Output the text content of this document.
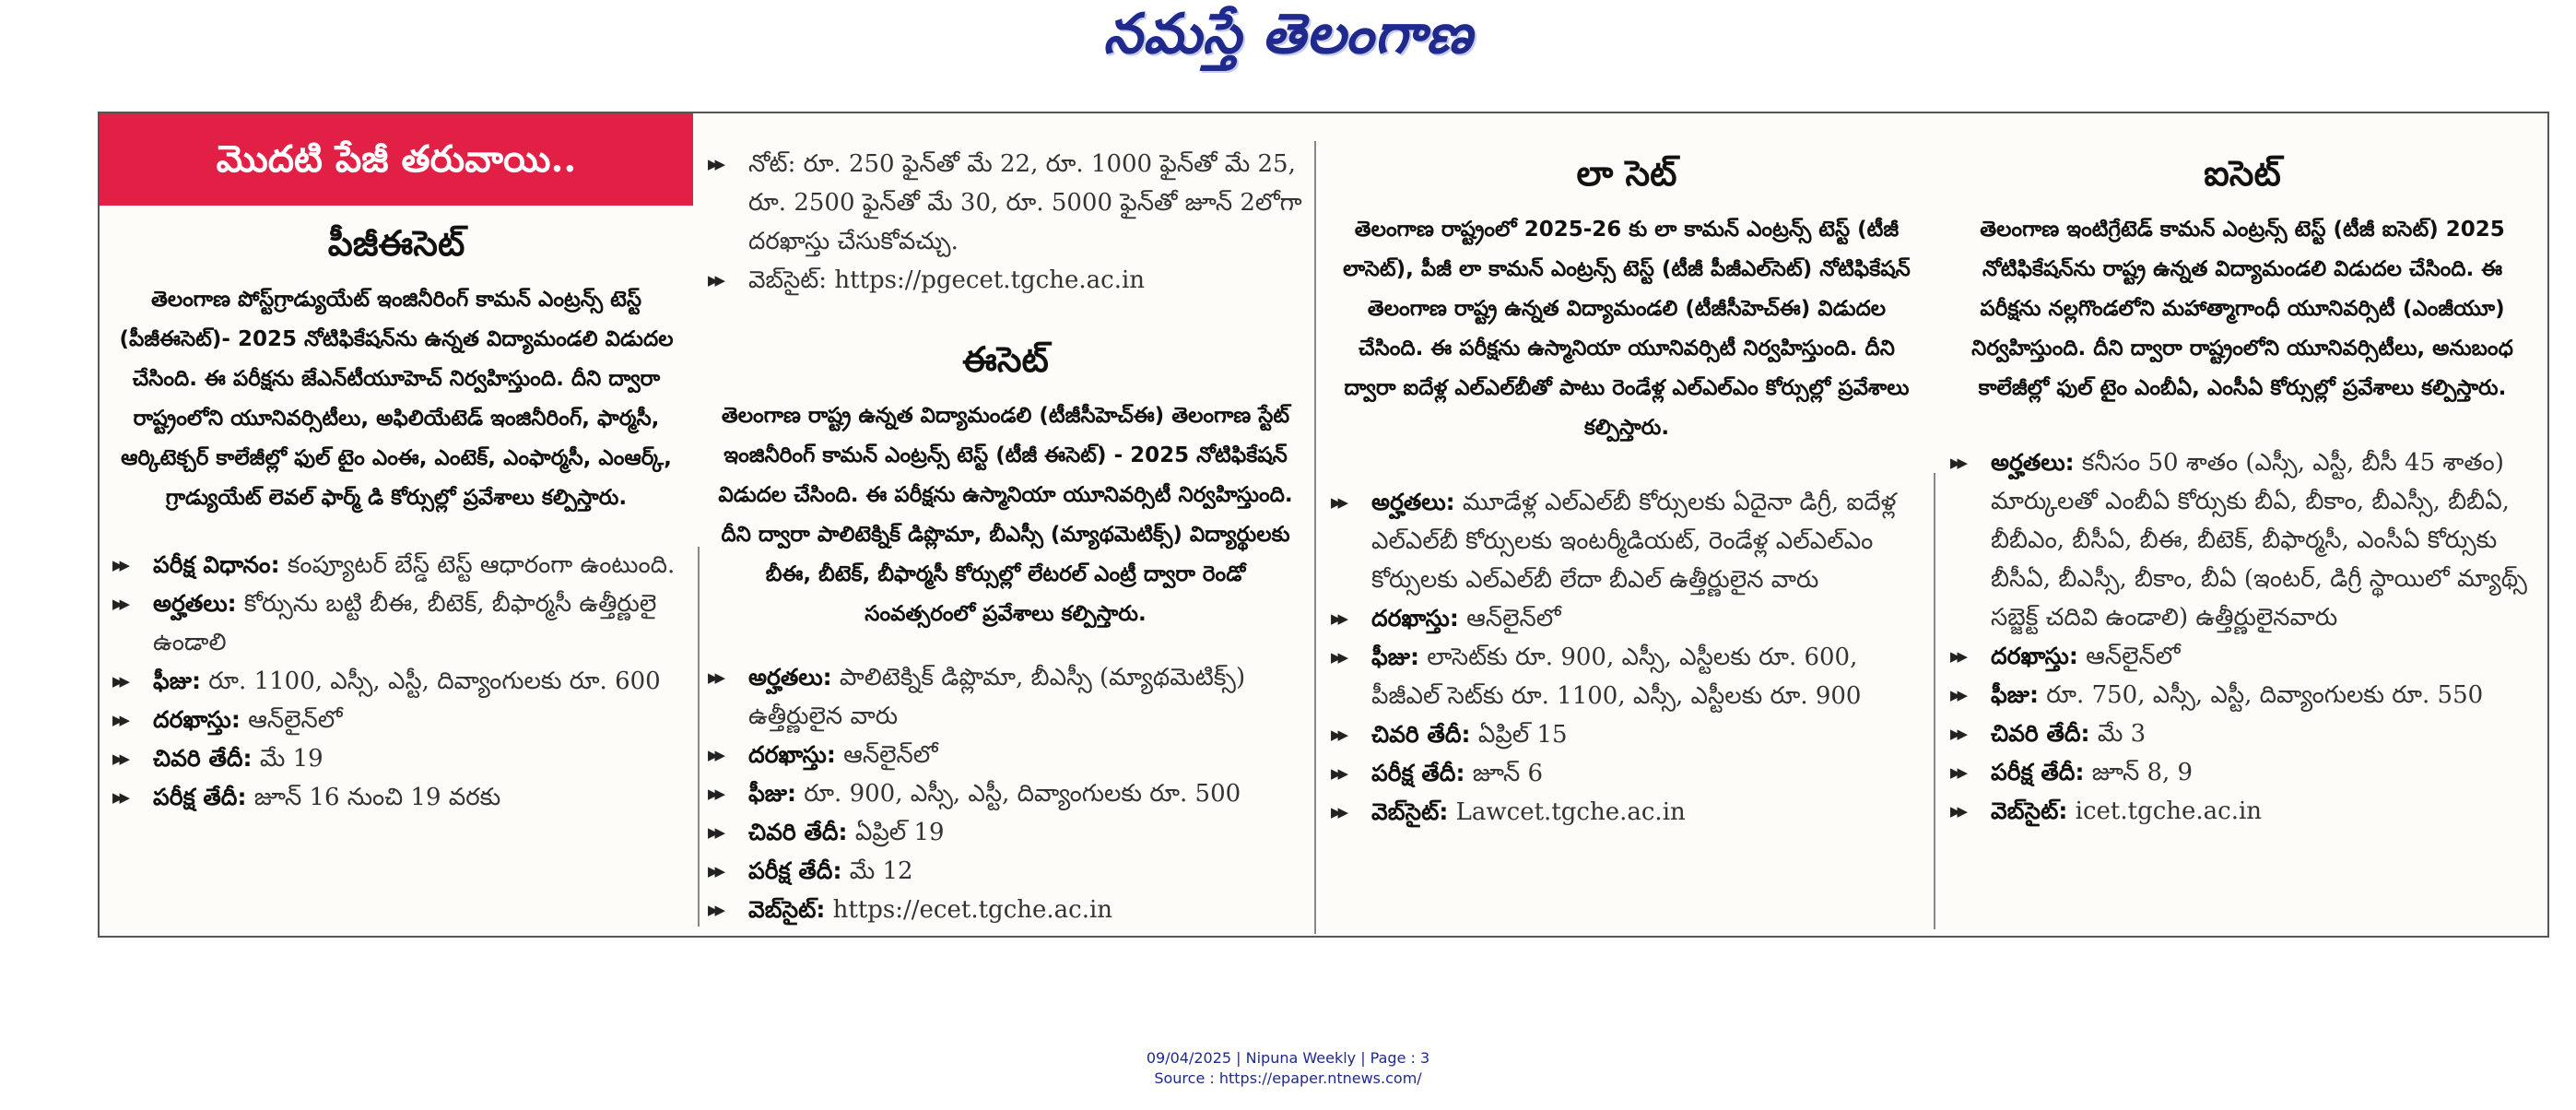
నమస్తే తెలంగాణ
మొదటి పేజీ తరువాయి..
పీజీఈసెట్
తెలంగాణ పోస్ట్‌గ్రాడ్యుయేట్ ఇంజినీరింగ్ కామన్ ఎంట్రన్స్ టెస్ట్ (పీజీఈసెట్)- 2025 నోటిఫికేషన్‌ను ఉన్నత విద్యామండలి విడుదల చేసింది. ఈ పరీక్షను జేఎన్‌టీయూహెచ్ నిర్వహిస్తుంది. దీని ద్వారా రాష్ట్రంలోని యూనివర్సిటీలు, అఫిలియేటెడ్ ఇంజినీరింగ్, ఫార్మసీ, ఆర్కిటెక్చర్ కాలేజీల్లో ఫుల్ టైం ఎంఈ, ఎంటెక్, ఎంఫార్మసీ, ఎంఆర్క్, గ్రాడ్యుయేట్ లెవల్ ఫార్మ్ డి కోర్సుల్లో ప్రవేశాలు కల్పిస్తారు.
▶▶ పరీక్ష విధానం: కంప్యూటర్ బేస్డ్ టెస్ట్ ఆధారంగా ఉంటుంది.
▶▶ అర్హతలు: కోర్సును బట్టి బీఈ, బీటెక్, బీఫార్మసీ ఉత్తీర్ణులై ఉండాలి
▶▶ ఫీజు: రూ. 1100, ఎస్సీ, ఎస్టీ, దివ్యాంగులకు రూ. 600
▶▶ దరఖాస్తు: ఆన్‌లైన్‌లో
▶▶ చివరి తేదీ: మే 19
▶▶ పరీక్ష తేదీ: జూన్ 16 నుంచి 19 వరకు
▶▶ నోట్: రూ. 250 ఫైన్‌తో మే 22, రూ. 1000 ఫైన్‌తో మే 25, రూ. 2500 ఫైన్‌తో మే 30, రూ. 5000 ఫైన్‌తో జూన్ 2లోగా దరఖాస్తు చేసుకోవచ్చు.
▶▶ వెబ్‌సైట్: https://pgecet.tgche.ac.in
ఈసెట్
తెలంగాణ రాష్ట్ర ఉన్నత విద్యామండలి (టీజీసీహెచ్‌ఈ) తెలంగాణ స్టేట్ ఇంజినీరింగ్ కామన్ ఎంట్రన్స్ టెస్ట్ (టీజీ ఈసెట్) - 2025 నోటిఫికేషన్ విడుదల చేసింది. ఈ పరీక్షను ఉస్మానియా యూనివర్సిటీ నిర్వహిస్తుంది. దీని ద్వారా పాలిటెక్నిక్ డిప్లొమా, బీఎస్సీ (మ్యాథమెటిక్స్) విద్యార్థులకు బీఈ, బీటెక్, బీఫార్మసీ కోర్సుల్లో లేటరల్ ఎంట్రీ ద్వారా రెండో సంవత్సరంలో ప్రవేశాలు కల్పిస్తారు.
▶▶ అర్హతలు: పాలిటెక్నిక్ డిప్లొమా, బీఎస్సీ (మ్యాథమెటిక్స్) ఉత్తీర్ణులైన వారు
▶▶ దరఖాస్తు: ఆన్‌లైన్‌లో
▶▶ ఫీజు: రూ. 900, ఎస్సీ, ఎస్టీ, దివ్యాంగులకు రూ. 500
▶▶ చివరి తేదీ: ఏప్రిల్ 19
▶▶ పరీక్ష తేదీ: మే 12
▶▶ వెబ్‌సైట్: https://ecet.tgche.ac.in
లా సెట్
తెలంగాణ రాష్ట్రంలో 2025-26 కు లా కామన్ ఎంట్రన్స్ టెస్ట్ (టీజీ లాసెట్), పీజీ లా కామన్ ఎంట్రన్స్ టెస్ట్ (టీజీ పీజీఎల్‌సెట్) నోటిఫికేషన్ తెలంగాణ రాష్ట్ర ఉన్నత విద్యామండలి (టీజీసీహెచ్‌ఈ) విడుదల చేసింది. ఈ పరీక్షను ఉస్మానియా యూనివర్సిటీ నిర్వహిస్తుంది. దీని ద్వారా ఐదేళ్ల ఎల్‌ఎల్‌బీతో పాటు రెండేళ్ల ఎల్‌ఎల్‌ఎం కోర్సుల్లో ప్రవేశాలు కల్పిస్తారు.
▶▶ అర్హతలు: మూడేళ్ల ఎల్‌ఎల్‌బీ కోర్సులకు ఏదైనా డిగ్రీ, ఐదేళ్ల ఎల్‌ఎల్‌బీ కోర్సులకు ఇంటర్మీడియట్, రెండేళ్ల ఎల్‌ఎల్‌ఎం కోర్సులకు ఎల్‌ఎల్‌బీ లేదా బీఎల్ ఉత్తీర్ణులైన వారు
▶▶ దరఖాస్తు: ఆన్‌లైన్‌లో
▶▶ ఫీజు: లాసెట్‌కు రూ. 900, ఎస్సీ, ఎస్టీలకు రూ. 600, పీజీఎల్ సెట్‌కు రూ. 1100, ఎస్సీ, ఎస్టీలకు రూ. 900
▶▶ చివరి తేదీ: ఏప్రిల్ 15
▶▶ పరీక్ష తేదీ: జూన్ 6
▶▶ వెబ్‌సైట్: Lawcet.tgche.ac.in
ఐసెట్
తెలంగాణ ఇంటిగ్రేటెడ్ కామన్ ఎంట్రన్స్ టెస్ట్ (టీజీ ఐసెట్) 2025 నోటిఫికేషన్‌ను రాష్ట్ర ఉన్నత విద్యామండలి విడుదల చేసింది. ఈ పరీక్షను నల్లగొండలోని మహాత్మాగాంధీ యూనివర్సిటీ (ఎంజీయూ) నిర్వహిస్తుంది. దీని ద్వారా రాష్ట్రంలోని యూనివర్సిటీలు, అనుబంధ కాలేజీల్లో ఫుల్ టైం ఎంబీఏ, ఎంసీఏ కోర్సుల్లో ప్రవేశాలు కల్పిస్తారు.
▶▶ అర్హతలు: కనీసం 50 శాతం (ఎస్సీ, ఎస్టీ, బీసీ 45 శాతం) మార్కులతో ఎంబీఏ కోర్సుకు బీఏ, బీకాం, బీఎస్సీ, బీబీఏ, బీబీఎం, బీసీఏ, బీఈ, బీటెక్, బీఫార్మసీ, ఎంసీఏ కోర్సుకు బీసీఏ, బీఎస్సీ, బీకాం, బీఏ (ఇంటర్, డిగ్రీ స్థాయిలో మ్యాథ్స్ సబ్జెక్ట్ చదివి ఉండాలి) ఉత్తీర్ణులైనవారు
▶▶ దరఖాస్తు: ఆన్‌లైన్‌లో
▶▶ ఫీజు: రూ. 750, ఎస్సీ, ఎస్టీ, దివ్యాంగులకు రూ. 550
▶▶ చివరి తేదీ: మే 3
▶▶ పరీక్ష తేదీ: జూన్ 8, 9
▶▶ వెబ్‌సైట్: icet.tgche.ac.in
09/04/2025 | Nipuna Weekly | Page : 3
Source : https://epaper.ntnews.com/
